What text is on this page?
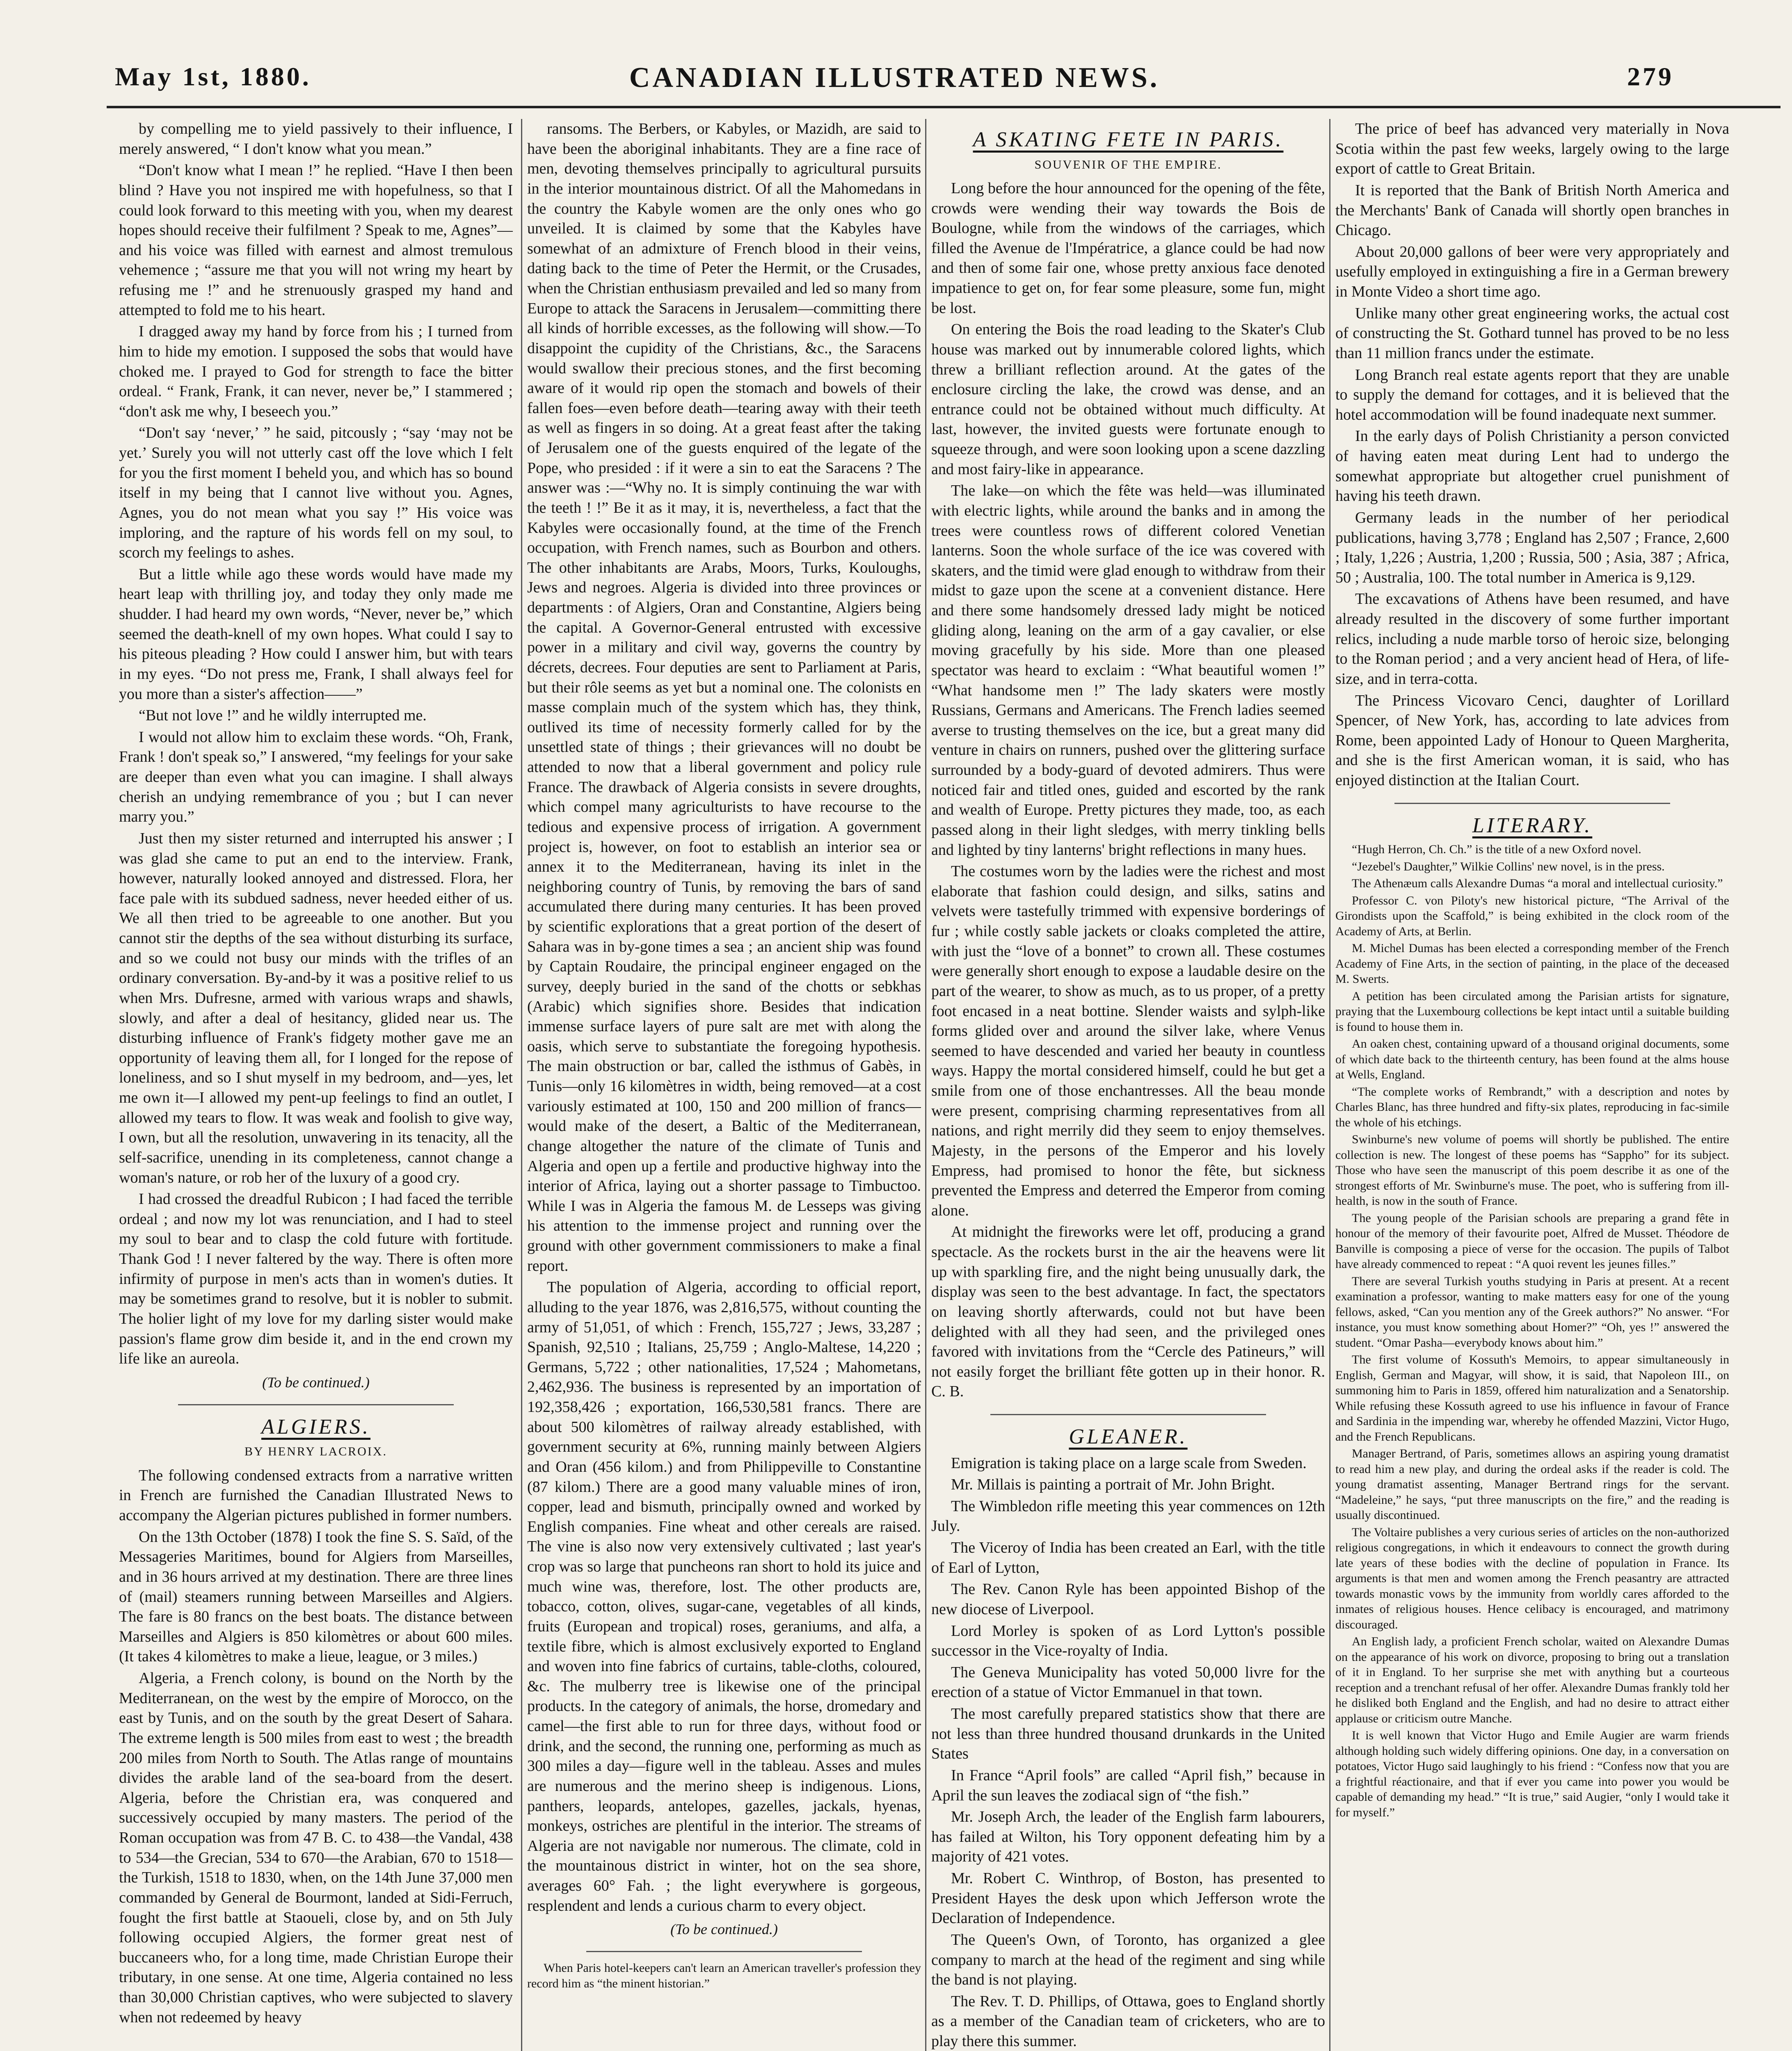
May 1st, 1880.	CANADIAN ILLUSTRATED NEWS.	279

by compelling me to yield passively to their influence, I merely answered, “ I don't know what you mean.”

“Don't know what I mean !” he replied. “Have I then been blind ? Have you not inspired me with hopefulness, so that I could look forward to this meeting with you, when my dearest hopes should receive their fulfilment ? Speak to me, Agnes”—and his voice was filled with earnest and almost tremulous vehemence ; “assure me that you will not wring my heart by refusing me !” and he strenuously grasped my hand and attempted to fold me to his heart.

I dragged away my hand by force from his ; I turned from him to hide my emotion. I supposed the sobs that would have choked me. I prayed to God for strength to face the bitter ordeal. “ Frank, Frank, it can never, never be,” I stammered ; “don't ask me why, I beseech you.”

“Don't say ‘never,’ ” he said, pitcously ; “say ‘may not be yet.’ Surely you will not utterly cast off the love which I felt for you the first moment I beheld you, and which has so bound itself in my being that I cannot live without you. Agnes, Agnes, you do not mean what you say !” His voice was imploring, and the rapture of his words fell on my soul, to scorch my feelings to ashes.

But a little while ago these words would have made my heart leap with thrilling joy, and today they only made me shudder. I had heard my own words, “Never, never be,” which seemed the death-knell of my own hopes. What could I say to his piteous pleading ? How could I answer him, but with tears in my eyes. “Do not press me, Frank, I shall always feel for you more than a sister's affection——”

“But not love !” and he wildly interrupted me.

I would not allow him to exclaim these words. “Oh, Frank, Frank ! don't speak so,” I answered, “my feelings for your sake are deeper than even what you can imagine. I shall always cherish an undying remembrance of you ; but I can never marry you.”

Just then my sister returned and interrupted his answer ; I was glad she came to put an end to the interview. Frank, however, naturally looked annoyed and distressed. Flora, her face pale with its subdued sadness, never heeded either of us. We all then tried to be agreeable to one another. But you cannot stir the depths of the sea without disturbing its surface, and so we could not busy our minds with the trifles of an ordinary conversation. By-and-by it was a positive relief to us when Mrs. Dufresne, armed with various wraps and shawls, slowly, and after a deal of hesitancy, glided near us. The disturbing influence of Frank's fidgety mother gave me an opportunity of leaving them all, for I longed for the repose of loneliness, and so I shut myself in my bedroom, and—yes, let me own it—I allowed my pent-up feelings to find an outlet, I allowed my tears to flow. It was weak and foolish to give way, I own, but all the resolution, unwavering in its tenacity, all the self-sacrifice, unending in its completeness, cannot change a woman's nature, or rob her of the luxury of a good cry.

I had crossed the dreadful Rubicon ; I had faced the terrible ordeal ; and now my lot was renunciation, and I had to steel my soul to bear and to clasp the cold future with fortitude. Thank God ! I never faltered by the way. There is often more infirmity of purpose in men's acts than in women's duties. It may be sometimes grand to resolve, but it is nobler to submit. The holier light of my love for my darling sister would make passion's flame grow dim beside it, and in the end crown my life like an aureola.

(To be continued.)
ALGIERS.
BY HENRY LACROIX.

The following condensed extracts from a narrative written in French are furnished the Canadian Illustrated News to accompany the Algerian pictures published in former numbers.

On the 13th October (1878) I took the fine S. S. Saïd, of the Messageries Maritimes, bound for Algiers from Marseilles, and in 36 hours arrived at my destination. There are three lines of (mail) steamers running between Marseilles and Algiers. The fare is 80 francs on the best boats. The distance between Marseilles and Algiers is 850 kilomètres or about 600 miles. (It takes 4 kilomètres to make a lieue, league, or 3 miles.)

Algeria, a French colony, is bound on the North by the Mediterranean, on the west by the empire of Morocco, on the east by Tunis, and on the south by the great Desert of Sahara. The extreme length is 500 miles from east to west ; the breadth 200 miles from North to South. The Atlas range of mountains divides the arable land of the sea-board from the desert. Algeria, before the Christian era, was conquered and successively occupied by many masters. The period of the Roman occupation was from 47 B. C. to 438—the Vandal, 438 to 534—the Grecian, 534 to 670—the Arabian, 670 to 1518—the Turkish, 1518 to 1830, when, on the 14th June 37,000 men commanded by General de Bourmont, landed at Sidi-Ferruch, fought the first battle at Staoueli, close by, and on 5th July following occupied Algiers, the former great nest of buccaneers who, for a long time, made Christian Europe their tributary, in one sense. At one time, Algeria contained no less than 30,000 Christian captives, who were subjected to slavery when not redeemed by heavy

ransoms. The Berbers, or Kabyles, or Mazidh, are said to have been the aboriginal inhabitants. They are a fine race of men, devoting themselves principally to agricultural pursuits in the interior mountainous district. Of all the Mahomedans in the country the Kabyle women are the only ones who go unveiled. It is claimed by some that the Kabyles have somewhat of an admixture of French blood in their veins, dating back to the time of Peter the Hermit, or the Crusades, when the Christian enthusiasm prevailed and led so many from Europe to attack the Saracens in Jerusalem—committing there all kinds of horrible excesses, as the following will show.—To disappoint the cupidity of the Christians, &c., the Saracens would swallow their precious stones, and the first becoming aware of it would rip open the stomach and bowels of their fallen foes—even before death—tearing away with their teeth as well as fingers in so doing. At a great feast after the taking of Jerusalem one of the guests enquired of the legate of the Pope, who presided : if it were a sin to eat the Saracens ? The answer was :—“Why no. It is simply continuing the war with the teeth ! !” Be it as it may, it is, nevertheless, a fact that the Kabyles were occasionally found, at the time of the French occupation, with French names, such as Bourbon and others. The other inhabitants are Arabs, Moors, Turks, Kouloughs, Jews and negroes. Algeria is divided into three provinces or departments : of Algiers, Oran and Constantine, Algiers being the capital. A Governor-General entrusted with excessive power in a military and civil way, governs the country by décrets, decrees. Four deputies are sent to Parliament at Paris, but their rôle seems as yet but a nominal one. The colonists en masse complain much of the system which has, they think, outlived its time of necessity formerly called for by the unsettled state of things ; their grievances will no doubt be attended to now that a liberal government and policy rule France. The drawback of Algeria consists in severe droughts, which compel many agriculturists to have recourse to the tedious and expensive process of irrigation. A government project is, however, on foot to establish an interior sea or annex it to the Mediterranean, having its inlet in the neighboring country of Tunis, by removing the bars of sand accumulated there during many centuries. It has been proved by scientific explorations that a great portion of the desert of Sahara was in by-gone times a sea ; an ancient ship was found by Captain Roudaire, the principal engineer engaged on the survey, deeply buried in the sand of the chotts or sebkhas (Arabic) which signifies shore. Besides that indication immense surface layers of pure salt are met with along the oasis, which serve to substantiate the foregoing hypothesis. The main obstruction or bar, called the isthmus of Gabès, in Tunis—only 16 kilomètres in width, being removed—at a cost variously estimated at 100, 150 and 200 million of francs—would make of the desert, a Baltic of the Mediterranean, change altogether the nature of the climate of Tunis and Algeria and open up a fertile and productive highway into the interior of Africa, laying out a shorter passage to Timbuctoo. While I was in Algeria the famous M. de Lesseps was giving his attention to the immense project and running over the ground with other government commissioners to make a final report.

The population of Algeria, according to official report, alluding to the year 1876, was 2,816,575, without counting the army of 51,051, of which : French, 155,727 ; Jews, 33,287 ; Spanish, 92,510 ; Italians, 25,759 ; Anglo-Maltese, 14,220 ; Germans, 5,722 ; other nationalities, 17,524 ; Mahometans, 2,462,936. The business is represented by an importation of 192,358,426 ; exportation, 166,530,581 francs. There are about 500 kilomètres of railway already established, with government security at 6%, running mainly between Algiers and Oran (456 kilom.) and from Philippeville to Constantine (87 kilom.) There are a good many valuable mines of iron, copper, lead and bismuth, principally owned and worked by English companies. Fine wheat and other cereals are raised. The vine is also now very extensively cultivated ; last year's crop was so large that puncheons ran short to hold its juice and much wine was, therefore, lost. The other products are, tobacco, cotton, olives, sugar-cane, vegetables of all kinds, fruits (European and tropical) roses, geraniums, and alfa, a textile fibre, which is almost exclusively exported to England and woven into fine fabrics of curtains, table-cloths, coloured, &c. The mulberry tree is likewise one of the principal products. In the category of animals, the horse, dromedary and camel—the first able to run for three days, without food or drink, and the second, the running one, performing as much as 300 miles a day—figure well in the tableau. Asses and mules are numerous and the merino sheep is indigenous. Lions, panthers, leopards, antelopes, gazelles, jackals, hyenas, monkeys, ostriches are plentiful in the interior. The streams of Algeria are not navigable nor numerous. The climate, cold in the mountainous district in winter, hot on the sea shore, averages 60° Fah. ; the light everywhere is gorgeous, resplendent and lends a curious charm to every object.

(To be continued.)

When Paris hotel-keepers can't learn an American traveller's profession they record him as “the minent historian.”

A SKATING FETE IN PARIS.
SOUVENIR OF THE EMPIRE.

Long before the hour announced for the opening of the fête, crowds were wending their way towards the Bois de Boulogne, while from the windows of the carriages, which filled the Avenue de l'Impératrice, a glance could be had now and then of some fair one, whose pretty anxious face denoted impatience to get on, for fear some pleasure, some fun, might be lost.

On entering the Bois the road leading to the Skater's Club house was marked out by innumerable colored lights, which threw a brilliant reflection around. At the gates of the enclosure circling the lake, the crowd was dense, and an entrance could not be obtained without much difficulty. At last, however, the invited guests were fortunate enough to squeeze through, and were soon looking upon a scene dazzling and most fairy-like in appearance.

The lake—on which the fête was held—was illuminated with electric lights, while around the banks and in among the trees were countless rows of different colored Venetian lanterns. Soon the whole surface of the ice was covered with skaters, and the timid were glad enough to withdraw from their midst to gaze upon the scene at a convenient distance. Here and there some handsomely dressed lady might be noticed gliding along, leaning on the arm of a gay cavalier, or else moving gracefully by his side. More than one pleased spectator was heard to exclaim : “What beautiful women !” “What handsome men !” The lady skaters were mostly Russians, Germans and Americans. The French ladies seemed averse to trusting themselves on the ice, but a great many did venture in chairs on runners, pushed over the glittering surface surrounded by a body-guard of devoted admirers. Thus were noticed fair and titled ones, guided and escorted by the rank and wealth of Europe. Pretty pictures they made, too, as each passed along in their light sledges, with merry tinkling bells and lighted by tiny lanterns' bright reflections in many hues.

The costumes worn by the ladies were the richest and most elaborate that fashion could design, and silks, satins and velvets were tastefully trimmed with expensive borderings of fur ; while costly sable jackets or cloaks completed the attire, with just the “love of a bonnet” to crown all. These costumes were generally short enough to expose a laudable desire on the part of the wearer, to show as much, as to us proper, of a pretty foot encased in a neat bottine. Slender waists and sylph-like forms glided over and around the silver lake, where Venus seemed to have descended and varied her beauty in countless ways. Happy the mortal considered himself, could he but get a smile from one of those enchantresses. All the beau monde were present, comprising charming representatives from all nations, and right merrily did they seem to enjoy themselves. Majesty, in the persons of the Emperor and his lovely Empress, had promised to honor the fête, but sickness prevented the Empress and deterred the Emperor from coming alone.

At midnight the fireworks were let off, producing a grand spectacle. As the rockets burst in the air the heavens were lit up with sparkling fire, and the night being unusually dark, the display was seen to the best advantage. In fact, the spectators on leaving shortly afterwards, could not but have been delighted with all they had seen, and the privileged ones favored with invitations from the “Cercle des Patineurs,” will not easily forget the brilliant fête gotten up in their honor. R. C. B.

GLEANER.

Emigration is taking place on a large scale from Sweden.

Mr. Millais is painting a portrait of Mr. John Bright.

The Wimbledon rifle meeting this year commences on 12th July.

The Viceroy of India has been created an Earl, with the title of Earl of Lytton,

The Rev. Canon Ryle has been appointed Bishop of the new diocese of Liverpool.

Lord Morley is spoken of as Lord Lytton's possible successor in the Vice-royalty of India.

The Geneva Municipality has voted 50,000 livre for the erection of a statue of Victor Emmanuel in that town.

The most carefully prepared statistics show that there are not less than three hundred thousand drunkards in the United States

In France “April fools” are called “April fish,” because in April the sun leaves the zodiacal sign of “the fish.”

Mr. Joseph Arch, the leader of the English farm labourers, has failed at Wilton, his Tory opponent defeating him by a majority of 421 votes.

Mr. Robert C. Winthrop, of Boston, has presented to President Hayes the desk upon which Jefferson wrote the Declaration of Independence.

The Queen's Own, of Toronto, has organized a glee company to march at the head of the regiment and sing while the band is not playing.

The Rev. T. D. Phillips, of Ottawa, goes to England shortly as a member of the Canadian team of cricketers, who are to play there this summer.

The price of beef has advanced very materially in Nova Scotia within the past few weeks, largely owing to the large export of cattle to Great Britain.

It is reported that the Bank of British North America and the Merchants' Bank of Canada will shortly open branches in Chicago.

About 20,000 gallons of beer were very appropriately and usefully employed in extinguishing a fire in a German brewery in Monte Video a short time ago.

Unlike many other great engineering works, the actual cost of constructing the St. Gothard tunnel has proved to be no less than 11 million francs under the estimate.

Long Branch real estate agents report that they are unable to supply the demand for cottages, and it is believed that the hotel accommodation will be found inadequate next summer.

In the early days of Polish Christianity a person convicted of having eaten meat during Lent had to undergo the somewhat appropriate but altogether cruel punishment of having his teeth drawn.

Germany leads in the number of her periodical publications, having 3,778 ; England has 2,507 ; France, 2,600 ; Italy, 1,226 ; Austria, 1,200 ; Russia, 500 ; Asia, 387 ; Africa, 50 ; Australia, 100. The total number in America is 9,129.

The excavations of Athens have been resumed, and have already resulted in the discovery of some further important relics, including a nude marble torso of heroic size, belonging to the Roman period ; and a very ancient head of Hera, of life-size, and in terra-cotta.

The Princess Vicovaro Cenci, daughter of Lorillard Spencer, of New York, has, according to late advices from Rome, been appointed Lady of Honour to Queen Margherita, and she is the first American woman, it is said, who has enjoyed distinction at the Italian Court.

LITERARY.

“Hugh Herron, Ch. Ch.” is the title of a new Oxford novel.

“Jezebel's Daughter,” Wilkie Collins' new novel, is in the press.

The Athenæum calls Alexandre Dumas “a moral and intellectual curiosity.”

Professor C. von Piloty's new historical picture, “The Arrival of the Girondists upon the Scaffold,” is being exhibited in the clock room of the Academy of Arts, at Berlin.

M. Michel Dumas has been elected a corresponding member of the French Academy of Fine Arts, in the section of painting, in the place of the deceased M. Swerts.

A petition has been circulated among the Parisian artists for signature, praying that the Luxembourg collections be kept intact until a suitable building is found to house them in.

An oaken chest, containing upward of a thousand original documents, some of which date back to the thirteenth century, has been found at the alms house at Wells, England.

“The complete works of Rembrandt,” with a description and notes by Charles Blanc, has three hundred and fifty-six plates, reproducing in fac-simile the whole of his etchings.

Swinburne's new volume of poems will shortly be published. The entire collection is new. The longest of these poems has “Sappho” for its subject. Those who have seen the manuscript of this poem describe it as one of the strongest efforts of Mr. Swinburne's muse. The poet, who is suffering from ill-health, is now in the south of France.

The young people of the Parisian schools are preparing a grand fête in honour of the memory of their favourite poet, Alfred de Musset. Théodore de Banville is composing a piece of verse for the occasion. The pupils of Talbot have already commenced to repeat : “A quoi revent les jeunes filles.”

There are several Turkish youths studying in Paris at present. At a recent examination a professor, wanting to make matters easy for one of the young fellows, asked, “Can you mention any of the Greek authors?” No answer. “For instance, you must know something about Homer?” “Oh, yes !” answered the student. “Omar Pasha—everybody knows about him.”

The first volume of Kossuth's Memoirs, to appear simultaneously in English, German and Magyar, will show, it is said, that Napoleon III., on summoning him to Paris in 1859, offered him naturalization and a Senatorship. While refusing these Kossuth agreed to use his influence in favour of France and Sardinia in the impending war, whereby he offended Mazzini, Victor Hugo, and the French Republicans.

Manager Bertrand, of Paris, sometimes allows an aspiring young dramatist to read him a new play, and during the ordeal asks if the reader is cold. The young dramatist assenting, Manager Bertrand rings for the servant. “Madeleine,” he says, “put three manuscripts on the fire,” and the reading is usually discontinued.

The Voltaire publishes a very curious series of articles on the non-authorized religious congregations, in which it endeavours to connect the growth during late years of these bodies with the decline of population in France. Its arguments is that men and women among the French peasantry are attracted towards monastic vows by the immunity from worldly cares afforded to the inmates of religious houses. Hence celibacy is encouraged, and matrimony discouraged.

An English lady, a proficient French scholar, waited on Alexandre Dumas on the appearance of his work on divorce, proposing to bring out a translation of it in England. To her surprise she met with anything but a courteous reception and a trenchant refusal of her offer. Alexandre Dumas frankly told her he disliked both England and the English, and had no desire to attract either applause or criticism outre Manche.

It is well known that Victor Hugo and Emile Augier are warm friends although holding such widely differing opinions. One day, in a conversation on potatoes, Victor Hugo said laughingly to his friend : “Confess now that you are a frightful réactionaire, and that if ever you came into power you would be capable of demanding my head.” “It is true,” said Augier, “only I would take it for myself.”
